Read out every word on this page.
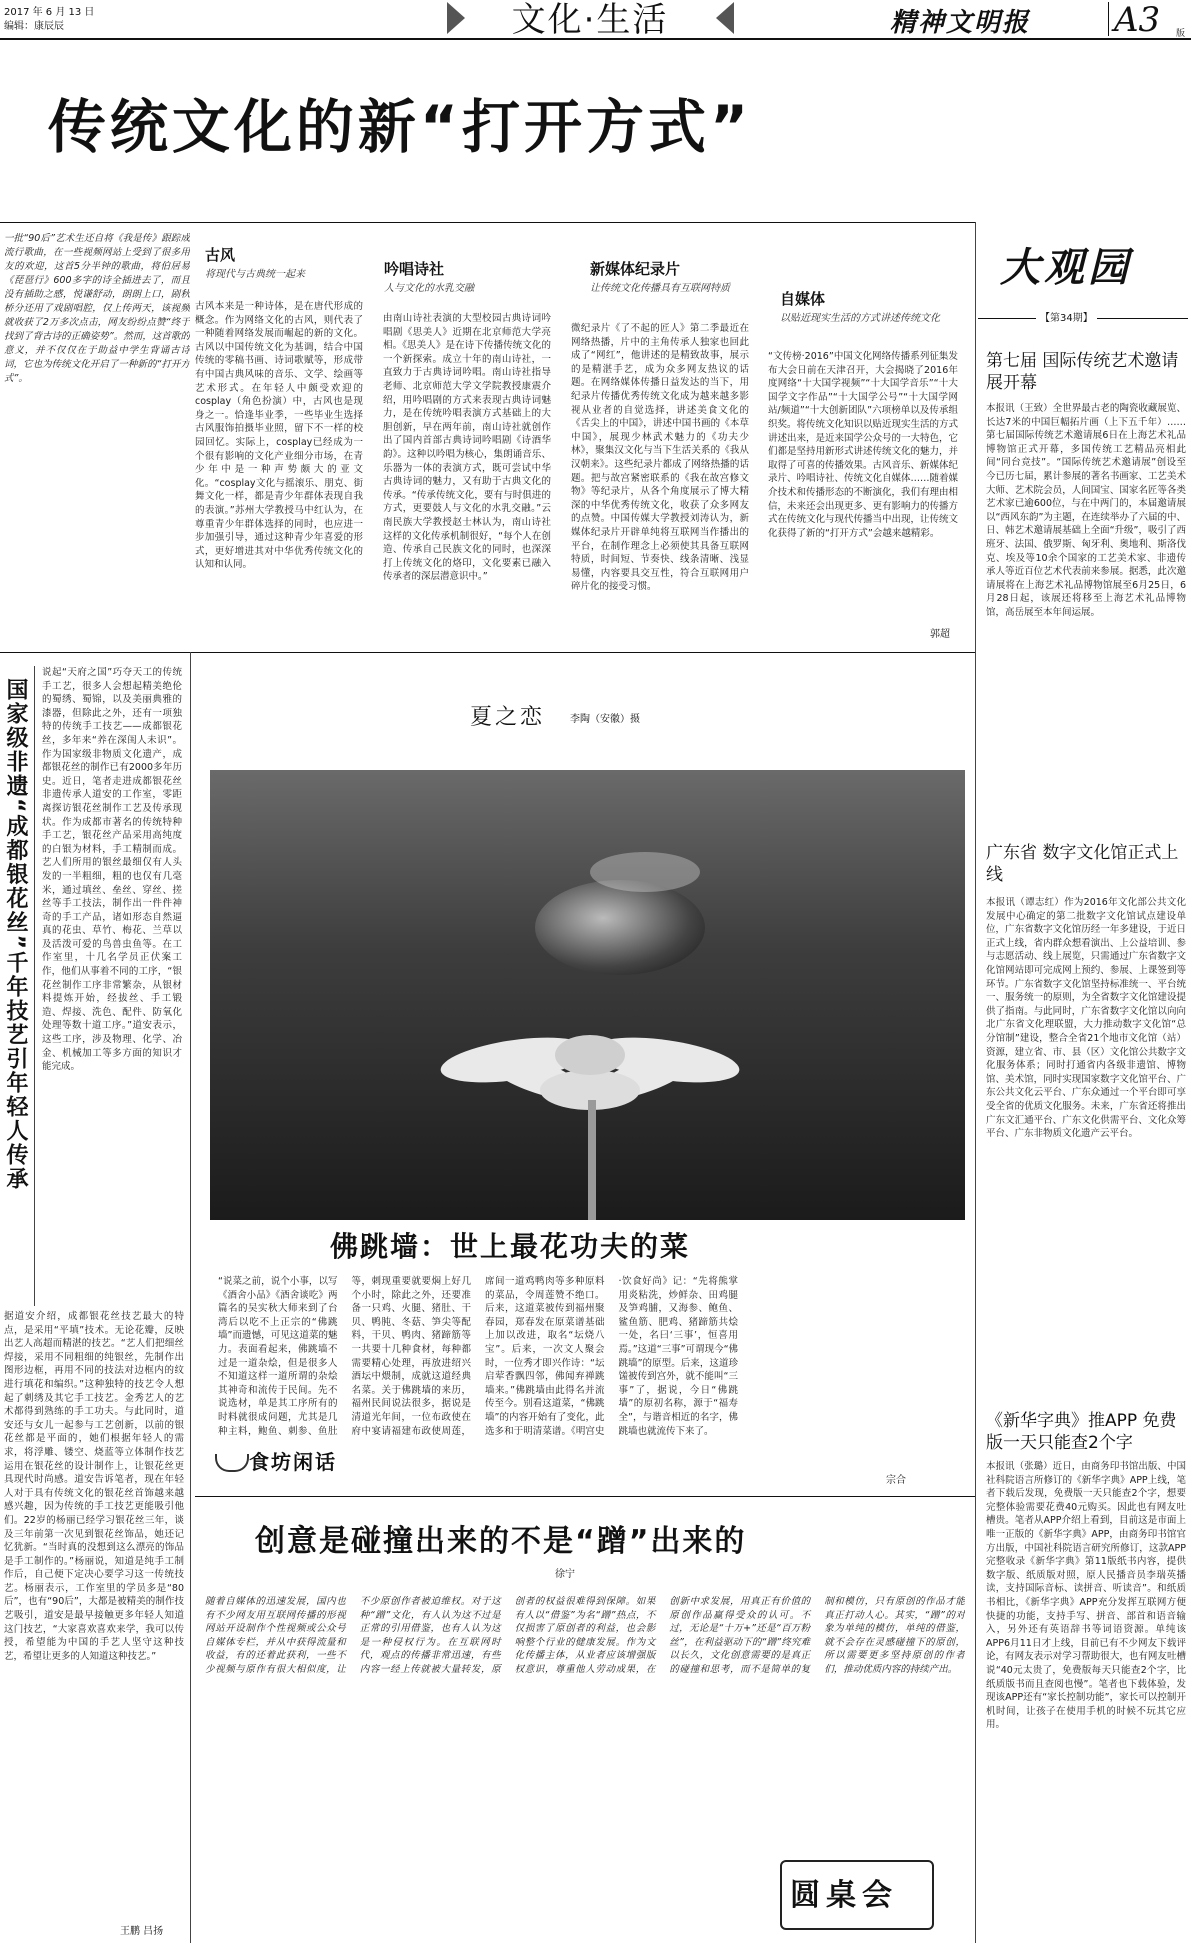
2017 年 6 月 13 日
编辑：康辰辰	文化·生活	精神文明报 A3 版
传统文化的新“打开方式”
一批“90后”艺术生还自将《我是传》跟踪成流行歌曲，在一些视频网站上受到了很多用友的欢迎，这首5分半钟的歌曲，将伯居易《琵琶行》600多字的诗全插进去了，而且没有插助之感，悦谦舒动，朗朗上口，剧秋桥分还用了戏剧唱腔，仅上传两天，该视频就收获了2万多次点击，网友纷纷点赞“终于找到了背古诗的正确姿势”。然而，这首歌的意义，并不仅仅在于助益中学生背诵古诗词，它也为传统文化开启了一种新的“打开方式”。
古风
将现代与古典统一起来	吟唱诗社
人与文化的水乳交融
新媒体纪录片
让传统文化传播具有互联网特质
自媒体
以贴近现实生活的方式讲述传统文化
古风本来是一种诗体，是在唐代形成的概念。作为网络文化的古风，则代表了一种随着网络发展而崛起的新的文化。古风以中国传统文化为基调，结合中国传统的零稿书画、诗词歌赋等，形成带有中国古典风味的音乐、文学、绘画等艺术形式。在年轻人中颇受欢迎的cosplay（角色扮演）中，古风也是现身之一。恰逢毕业季，一些毕业生选择古风服饰拍摄毕业照，留下不一样的校园回忆。实际上，cosplay已经成为一个很有影响的文化产业细分市场，在青少年中是一种声势颇大的亚文化。“cosplay文化与摇滚乐、朋克、街舞文化一样，都是青少年群体表现自我的表演。”苏州大学教授马中红认为，在尊重青少年群体选择的同时，也应进一步加强引导，通过这种青少年喜爱的形式，更好增进其对中华优秀传统文化的认知和认同。
由南山诗社表演的大型校园古典诗词吟唱剧《思美人》近期在北京师范大学亮相。《思美人》是在诗下传播传统文化的一个新探索。成立十年的南山诗社，一直致力于古典诗词吟唱。南山诗社指导老师、北京师范大学文学院教授康震介绍，用吟唱剧的方式来表现古典诗词魅力，是在传统吟唱表演方式基础上的大胆创新，早在两年前，南山诗社就创作出了国内首部古典诗词吟唱剧《诗酒华韵》。这种以吟唱为核心，集朗诵音乐、乐器为一体的表演方式，既可尝试中华古典诗词的魅力，又有助于古典文化的传承。“传承传统文化，要有与时俱进的方式，更要鼓人与文化的水乳交融。”云南民族大学教授赵士林认为，南山诗社这样的文化传承机制很好，“每个人在创造、传承自己民族文化的同时，也深深打上传统文化的烙印，文化要素已融入传承者的深层潜意识中。”
微纪录片《了不起的匠人》第二季最近在网络热播，片中的主角传承人独家也回此成了“网红”，他讲述的是精致故事，展示的是精湛手艺，成为众多网友热议的话题。在网络媒体传播日益发达的当下，用纪录片传播优秀传统文化成为越来越多影视从业者的自觉选择，讲述美食文化的《舌尖上的中国》，讲述中国书画的《本草中国》，展现少林武术魅力的《功夫少林》，聚集汉文化与当下生活关系的《我从汉朝来》。这些纪录片都成了网络热播的话题。把与故宫紧密联系的《我在故宫修文物》等纪录片，从各个角度展示了博大精深的中华优秀传统文化，收获了众多网友的点赞。中国传媒大学教授刘涛认为，新媒体纪录片开辟单纯将互联网当作播出的平台，在制作理念上必须使其具备互联网特质，时间短、节奏快、线条清晰、浅显易懂，内容要具交互性，符合互联网用户碎片化的接受习惯。
“文传榜·2016”中国文化网络传播系列征集发布大会日前在天津召开，大会揭晓了2016年度网络“十大国学视频”“十大国学音乐”“十大国学文字作品”“十大国学公号”“十大国学网站/频道”“十大创新团队”六项榜单以及传承组织奖。将传统文化知识以贴近现实生活的方式讲述出来，是近来国学公众号的一大特色，它们都是坚持用新形式讲述传统文化的魅力，并取得了可喜的传播效果。古风音乐、新媒体纪录片、吟唱诗社、传统文化自媒体……随着媒介技术和传播形态的不断演化，我们有理由相信，未来还会出现更多、更有影响力的传播方式在传统文化与现代传播当中出现，让传统文化获得了新的“打开方式”会越来越精彩。
郭超
大观园
【第34期】
第七届 国际传统艺术邀请展开幕
本报讯（王致）全世界最古老的陶瓷收藏展览、长达7米的中国巨幅拓片画（上下五千年）……第七届国际传统艺术邀请展6日在上海艺术礼品博物馆正式开幕，多国传统工艺精品亮相此间“同台竞技”。“国际传统艺术邀请展”创设至今已历七届，累计参展的著名书画家、工艺美术大师、艺术院会员，人间国宝、国家名匠等各类艺术家已逾600位，与在中两门的，本届邀请展以“西风东韵”为主题，在连续举办了六届的中、日、韩艺术邀请展基础上全面“升级”，吸引了西班牙、法国、俄罗斯、匈牙利、奥地利、斯洛伐克、埃及等10余个国家的工艺美术家、非遗传承人等近百位艺术代表前来参展。据悉，此次邀请展将在上海艺术礼品博物馆展至6月25日，6月28日起，该展还将移至上海艺术礼品博物馆，高岳展至本年间运展。
广东省 数字文化馆正式上线
本报讯（谭志红）作为2016年文化部公共文化发展中心确定的第二批数字文化馆试点建设单位，广东省数字文化馆历经一年多建设，于近日正式上线，省内群众想看演出、上公益培训、参与志愿活动、线上展览，只需通过广东省数字文化馆网站即可完成网上预约、参展、上课签到等环节。广东省数字文化馆坚持标准统一、平台统一、服务统一的原则，为全省数字文化馆建设提供了指南。与此同时，广东省数字文化馆以向向北广东省文化理联盟，大力推动数字文化馆“总分馆制”建设，整合全省21个地市文化馆（站）资源，建立省、市、县（区）文化馆公共数字文化服务体系；同时打通省内各级非遗馆、博物馆、美术馆，同时实现国家数字文化馆平台、广东公共文化云平台、广东众通过一个平台即可享受全省的优质文化服务。未来，广东省还将推出广东文汇通平台、广东文化供需平台、文化众筹平台、广东非物质文化遗产云平台。
《新华字典》推APP 免费版一天只能查2个字
本报讯（张璐）近日，由商务印书馆出版、中国社科院语言所修订的《新华字典》APP上线，笔者下载后发现，免费版一天只能查2个字，想要完整体验需要花费40元购买。因此也有网友吐槽贵。笔者从APP介绍上看到，目前这是市面上唯一正版的《新华字典》APP，由商务印书馆官方出版，中国社科院语言研究所修订，这款APP完整收录《新华字典》第11版纸书内容，提供数字版、纸质版对照，原人民播音员李瑞英播读，支持国际音标、读拼音、听读音”。和纸质书相比，《新华字典》APP充分发挥互联网方便快捷的功能，支持手写、拼音、部首和语音输入，另外还有英语辞书等词语资源。单纯该APP6月11日才上线，目前已有不少网友下载评论，有网友表示对学习帮助很大，也有网友吐槽说“40元太贵了，免费版每天只能查2个字，比纸质版书而且查阅也慢”。笔者也下载体验，发现该APP还有“家长控制功能”，家长可以控制开机时间，让孩子在使用手机的时候不玩其它应用。
国家级非遗“成都银花丝”千年技艺引年轻人传承
说起“天府之国”巧夺天工的传统手工艺，很多人会想起精美绝伦的蜀绣、蜀锦，以及美丽典雅的漆器，但除此之外，还有一项独特的传统手工技艺——成都银花丝，多年来“养在深闺人未识”。作为国家级非物质文化遗产，成都银花丝的制作已有2000多年历史。近日，笔者走进成都银花丝非遗传承人道安的工作室，零距离探访银花丝制作工艺及传承现状。作为成都市著名的传统特种手工艺，银花丝产品采用高纯度的白银为材料，手工精制而成。艺人们所用的银丝最细仅有人头发的一半粗细，粗的也仅有几毫米，通过填丝、垒丝、穿丝、搓丝等手工技法，制作出一件件神奇的手工产品，诸如形态自然逼真的花虫、草竹、梅花、兰草以及活泼可爱的鸟兽虫鱼等。在工作室里，十几名学员正伏案工作，他们从事着不同的工序，“银花丝制作工序非常繁杂，从银材料提炼开始，经拔丝、手工锻造、焊接、洗色、配件、防氧化处理等数十道工序。”道安表示，这些工序，涉及物理、化学、冶金、机械加工等多方面的知识才能完成。
据道安介绍，成都银花丝技艺最大的特点，是采用“平填”技术。无论花瓣，反映出艺人高超而精湛的技艺。“艺人们把细丝焊接，采用不同粗细的纯银丝，先制作出图形边框，再用不同的技法对边框内的纹进行填花和编织。”这种独特的技艺令人想起了刺绣及其它手工技艺。金秀艺人的艺术都得到熟练的手工功夫。与此同时，道安还与女儿一起参与工艺创新，以前的银花丝都是平面的，她们根据年轻人的需求，将浮雕、镂空、烧蓝等立体制作技艺运用在银花丝的设计制作上，让银花丝更具现代时尚感。道安告诉笔者，现在年轻人对于具有传统文化的银花丝首饰越来越感兴趣，因为传统的手工技艺更能吸引他们。22岁的杨丽已经学习银花丝三年，谈及三年前第一次见到银花丝饰品，她还记忆犹新。“当时真的没想到这么漂亮的饰品是手工制作的。”杨丽说，知道是纯手工制作后，自己便下定决心要学习这一传统技艺。杨丽表示，工作室里的学员多是“80后”，也有“90后”，大都是被精美的制作技艺吸引，道安是最早接触更多年轻人知道这门技艺，“大家喜欢喜欢来学，我可以传授，希望能为中国的手艺人坚守这种技艺，希望让更多的人知道这种技艺。”
王鹏 吕扬
夏之恋 李陶（安徽）摄
佛跳墙：世上最花功夫的菜
“说菜之前，说个小事，以写《酒舍小品》《酒舍谈吃》两篇名的吴实秋大师来到了台湾后以吃不上正宗的“佛跳墙”而遗憾，可见这道菜的魅力。表面看起来，佛跳墙不过是一道杂烩，但是很多人不知道这样一道所谓的杂烩其神奇和流传于民间。先不说选材，单是其工序所有的时料就很成问题，尤其是几种主料，鲍鱼、刺参、鱼肚等，刺现重要就要焖上好几个小时，除此之外，还要准备一只鸡、火腿、猪肚、干贝、鸭肫、冬菇、笋尖等配料，干贝、鸭肉、猪蹄筋等一共要十几种食材，每种都需要精心处理，再放进绍兴酒坛中煨制，成就这道经典名菜。关于佛跳墙的来历，福州民间说法很多，据说是清道光年间，一位布政使在府中宴请福建布政使周莲，席间一道鸡鸭肉等多种原料的菜品，令周莲赞不绝口。后来，这道菜被传到福州聚春园，郑春发在原菜谱基础上加以改进，取名“坛烧八宝”。后来，一次文人聚会时，一位秀才即兴作诗：“坛启荤香飘四邻，佛闻弃禅跳墙来。”佛跳墙由此得名并流传至今。别看这道菜，“佛跳墙”的内容开始有了变化，此选多和于明清菜谱。《明宫史·饮食好尚》记：“先将熊掌用炎粘洗，炒鲜杂、田鸡腿及笋鸡脯，又海参、鲍鱼、鲨鱼筋、肥鸡、猪蹄筋共烩一处，名曰‘三事’，恒喜用焉。”这道“三事”可谓现今“佛跳墙”的原型。后来，这道珍馐被传到宫外，就不能叫“三事”了，据说，今日“佛跳墙”的原初名称，源于“福寿全”，与谐音相近的名字，佛跳墙也就流传下来了。
宗合
食坊闲话
创意是碰撞出来的不是“蹭”出来的
徐宁
随着自媒体的迅速发展，国内也有不少网友用互联网传播的形视网站开设制作个性视频或公众号自媒体专栏，并从中获得流量和收益，有的还着此获利，一些不少视频与原作有很大相似度，让不少原创作者被迫维权。对于这种“蹭”文化，有人认为这不过是正常的引用借鉴，也有人认为这是一种侵权行为。在互联网时代，观点的传播非常迅速，有些内容一经上传就被大量转发，原创者的权益很难得到保障。如果有人以“借鉴”为名“蹭”热点，不仅损害了原创者的利益，也会影响整个行业的健康发展。作为文化传播主体，从业者应该增强版权意识，尊重他人劳动成果，在创新中求发展，用真正有价值的原创作品赢得受众的认可。不过，无论是“十万+”还是“百万粉丝”，在利益驱动下的“蹭”终究难以长久，文化创意需要的是真正的碰撞和思考，而不是简单的复制和模仿，只有原创的作品才能真正打动人心。其实，“蹭”的对象为单纯的模仿，单纯的借鉴，就不会存在灵感碰撞下的原创，所以需要更多坚持原创的作者们，推动优质内容的持续产出。
圆桌会
